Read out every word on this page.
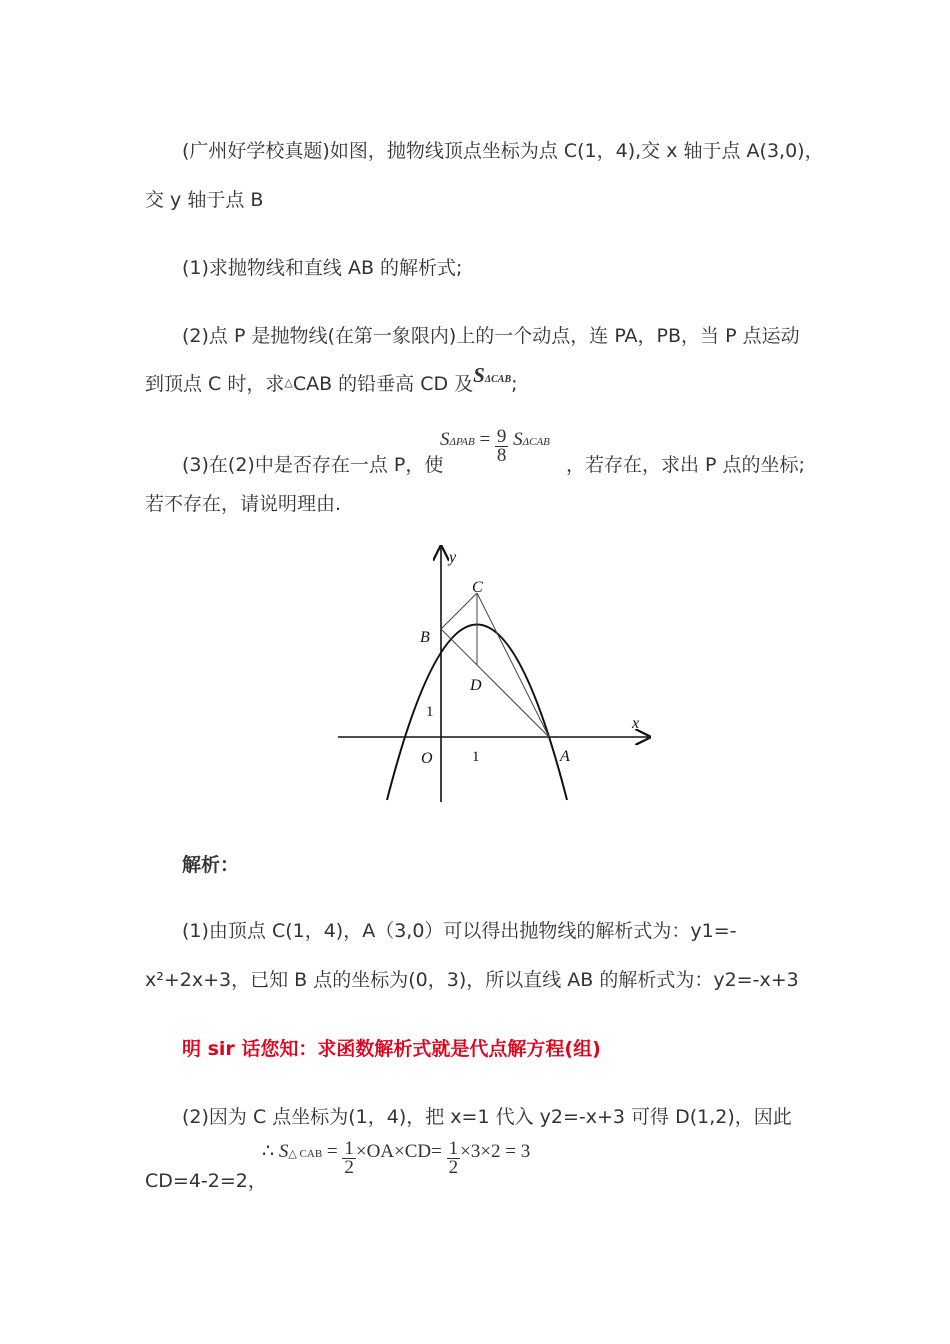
(广州好学校真题)如图，抛物线顶点坐标为点 C(1，4),交 x 轴于点 A(3,0)，
交 y 轴于点 B
(1)求抛物线和直线 AB 的解析式;
(2)点 P 是抛物线(在第一象限内)上的一个动点，连 PA，PB，当 P 点运动
到顶点 C 时，求△CAB 的铅垂高 CD 及SΔCAB;
(3)在(2)中是否存在一点 P，使
$S^{\Delta PAB} = \frac{9}{8} S^{\Delta CAB}$
，若存在，求出 P 点的坐标;
若不存在，请说明理由.
y
x
C
B
D
A
O	1
1
解析：
(1)由顶点 C(1，4)，A（3,0）可以得出抛物线的解析式为：y1=-
x²+2x+3，已知 B 点的坐标为(0，3)，所以直线 AB 的解析式为：y2=-x+3
明 sir 话您知：求函数解析式就是代点解方程(组)
(2)因为 C 点坐标为(1，4)，把 x=1 代入 y2=-x+3 可得 D(1,2)，因此
CD=4-2=2，
∴ $S^{\triangle CAB} = \frac{1}{2} \times OA\times CD= \frac{1}{2} \times 3\times 2 = 3$
